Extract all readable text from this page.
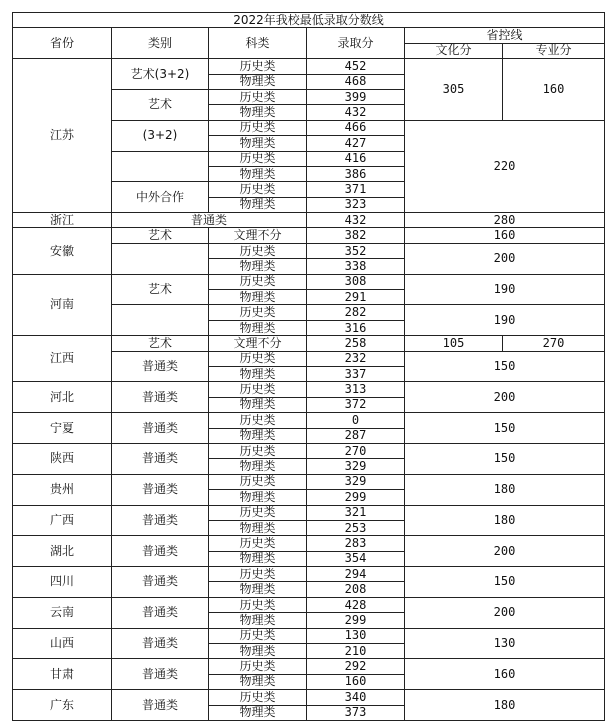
2022年我校最低录取分数线					
省份	类别	科类	录取分	省控线	
				文化分	专业分
江苏	艺术(3+2)	历史类	452	305	160
		物理类	468		
	艺术	历史类	399		
		物理类	432		
	(3+2)	历史类	466	220	
		物理类	427		
		历史类	416		
		物理类	386		
	中外合作	历史类	371		
		物理类	323		
浙江	普通类		432	280	
安徽	艺术	文理不分	382	160	
		历史类	352	200	
		物理类	338		
河南	艺术	历史类	308	190	
		物理类	291		
		历史类	282	190	
		物理类	316		
江西	艺术	文理不分	258	105	270
	普通类	历史类	232	150	
		物理类	337		
河北	普通类	历史类	313	200	
		物理类	372		
宁夏	普通类	历史类	0	150	
		物理类	287		
陕西	普通类	历史类	270	150	
		物理类	329		
贵州	普通类	历史类	329	180	
		物理类	299		
广西	普通类	历史类	321	180	
		物理类	253		
湖北	普通类	历史类	283	200	
		物理类	354		
四川	普通类	历史类	294	150	
		物理类	208		
云南	普通类	历史类	428	200	
		物理类	299		
山西	普通类	历史类	130	130	
		物理类	210		
甘肃	普通类	历史类	292	160	
		物理类	160		
广东	普通类	历史类	340	180	
		物理类	373		
